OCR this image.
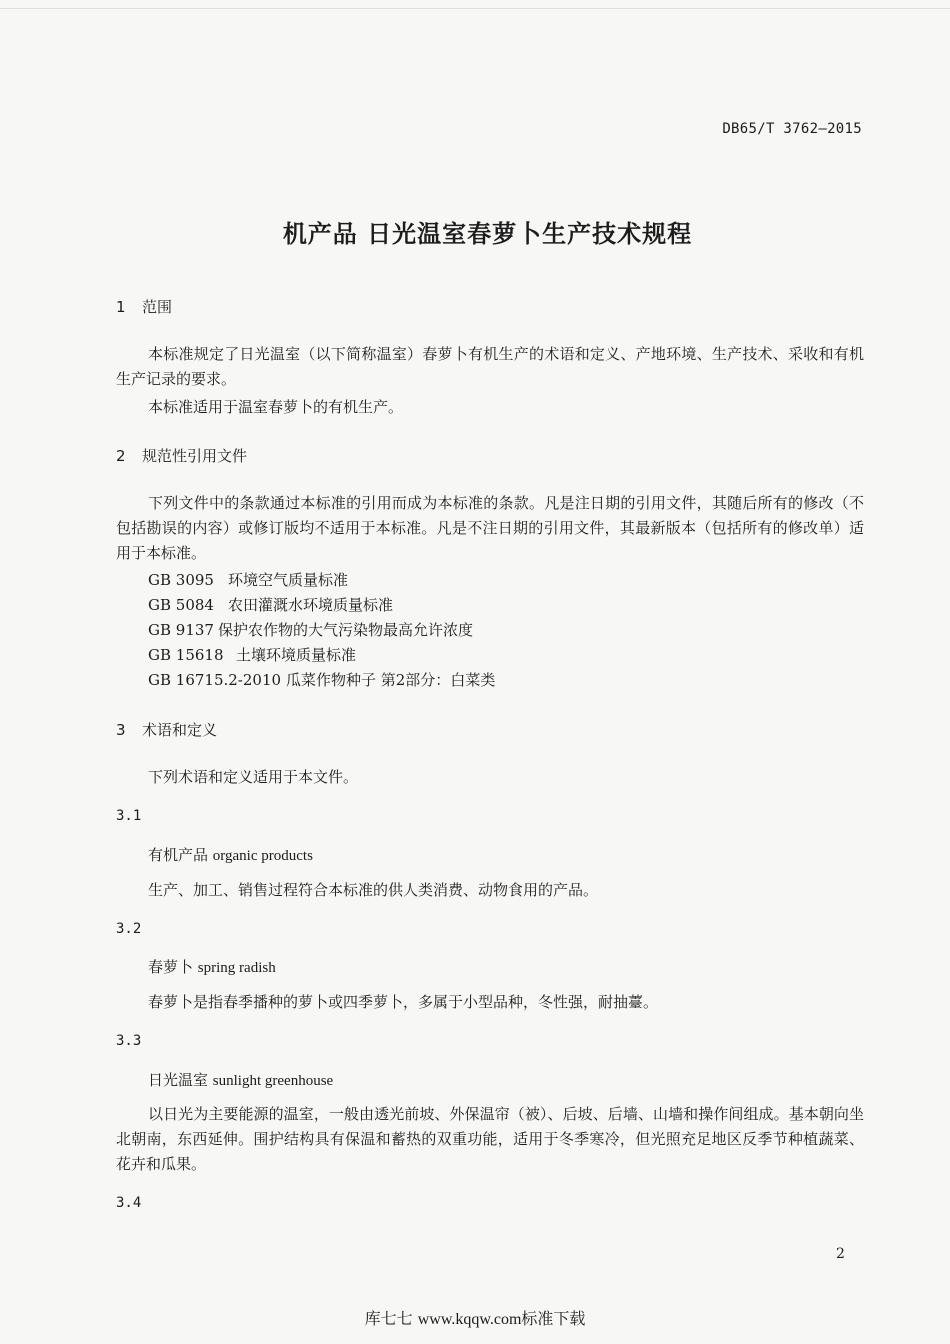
DB65/T 3762—2015
机产品 日光温室春萝卜生产技术规程
1 范围
本标准规定了日光温室（以下简称温室）春萝卜有机生产的术语和定义、产地环境、生产技术、采收和有机生产记录的要求。
本标准适用于温室春萝卜的有机生产。
2 规范性引用文件
下列文件中的条款通过本标准的引用而成为本标准的条款。凡是注日期的引用文件，其随后所有的修改（不包括勘误的内容）或修订版均不适用于本标准。凡是不注日期的引用文件，其最新版本（包括所有的修改单）适用于本标准。
GB 3095 环境空气质量标准
GB 5084 农田灌溉水环境质量标准
GB 9137 保护农作物的大气污染物最高允许浓度
GB 15618 土壤环境质量标准
GB 16715.2-2010 瓜菜作物种子 第2部分：白菜类
3 术语和定义
下列术语和定义适用于本文件。
3.1
有机产品 organic products
生产、加工、销售过程符合本标准的供人类消费、动物食用的产品。
3.2
春萝卜 spring radish
春萝卜是指春季播种的萝卜或四季萝卜，多属于小型品种，冬性强，耐抽薹。
3.3
日光温室 sunlight greenhouse
以日光为主要能源的温室，一般由透光前坡、外保温帘（被）、后坡、后墙、山墙和操作间组成。基本朝向坐北朝南，东西延伸。围护结构具有保温和蓄热的双重功能，适用于冬季寒冷，但光照充足地区反季节种植蔬菜、花卉和瓜果。
3.4
2
库七七 www.kqqw.com标准下载
